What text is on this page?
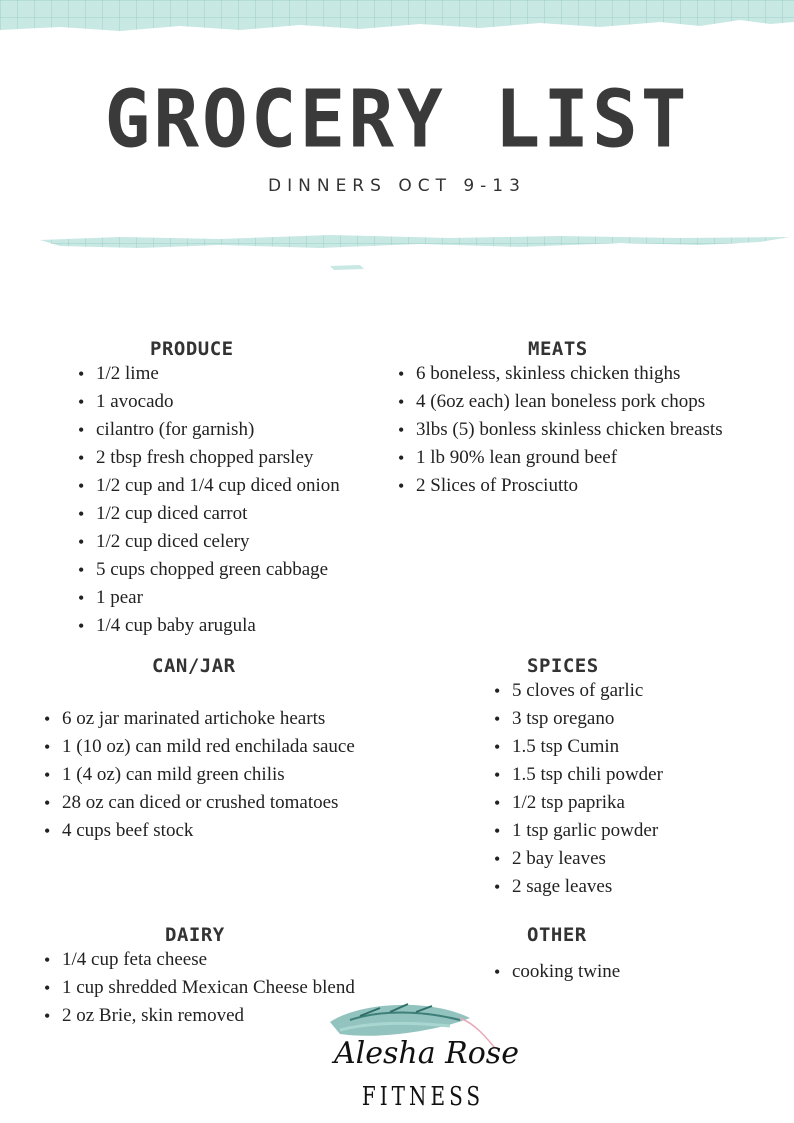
GROCERY LIST
DINNERS OCT 9-13
PRODUCE
• 1/2 lime
• 1 avocado
• cilantro (for garnish)
• 2 tbsp fresh chopped parsley
• 1/2 cup and 1/4 cup diced onion
• 1/2 cup diced carrot
• 1/2 cup diced celery
• 5 cups chopped green cabbage
• 1 pear
• 1/4 cup baby arugula
MEATS
• 6 boneless, skinless chicken thighs
• 4 (6oz each) lean boneless pork chops
• 3lbs (5) bonless skinless chicken breasts
• 1 lb 90% lean ground beef
• 2 Slices of Prosciutto
CAN/JAR
• 6 oz jar marinated artichoke hearts
• 1 (10 oz) can mild red enchilada sauce
• 1 (4 oz) can mild green chilis
• 28 oz can diced or crushed tomatoes
• 4 cups beef stock
SPICES
• 5 cloves of garlic
• 3 tsp oregano
• 1.5 tsp Cumin
• 1.5 tsp chili powder
• 1/2 tsp paprika
• 1 tsp garlic powder
• 2 bay leaves
• 2 sage leaves
DAIRY
• 1/4 cup feta cheese
• 1 cup shredded Mexican Cheese blend
• 2 oz Brie, skin removed
OTHER
• cooking twine
Alesha Rose
FITNESS
